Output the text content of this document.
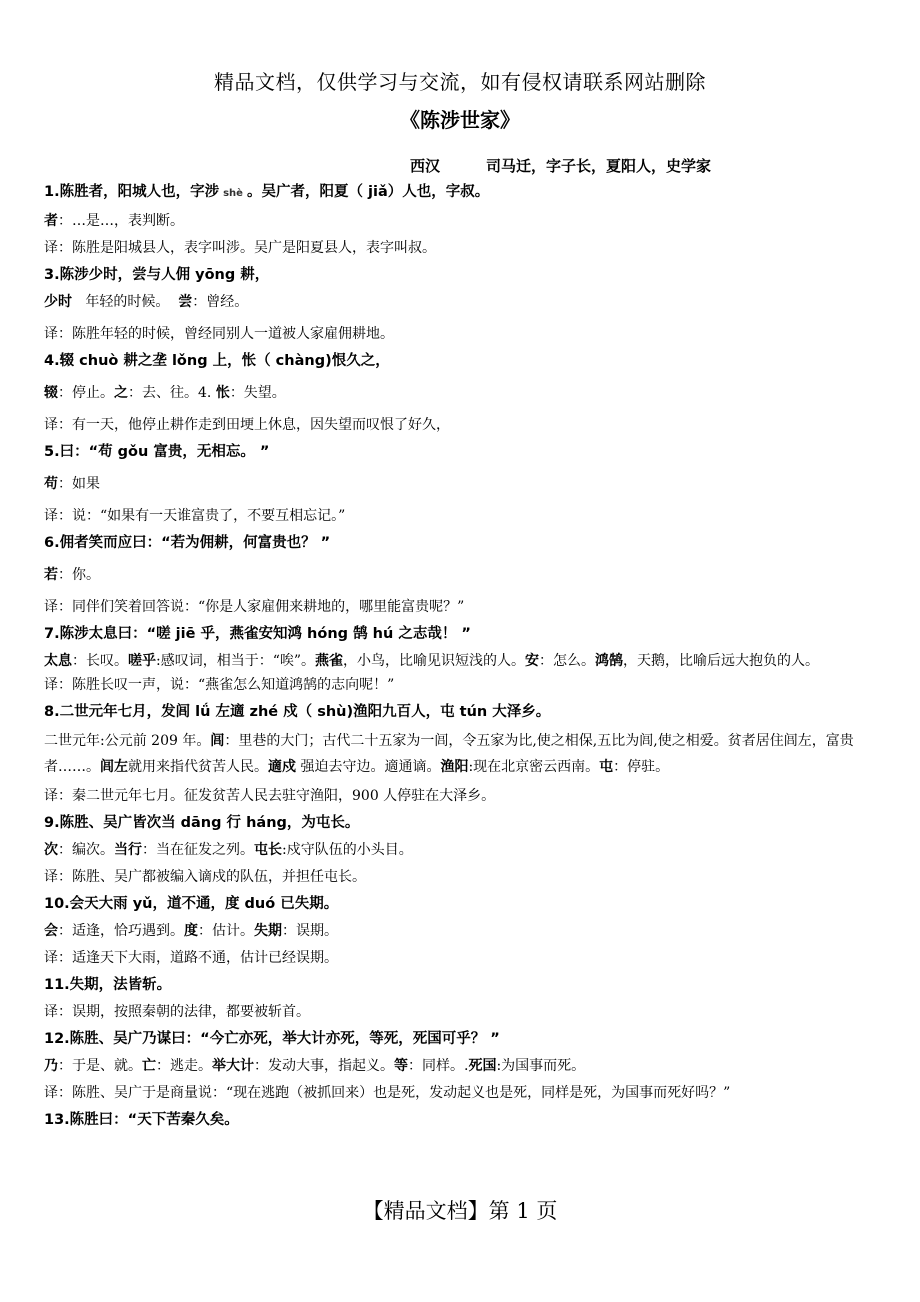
精品文档，仅供学习与交流，如有侵权请联系网站删除
《陈涉世家》
西汉	司马迁，字子长，夏阳人，史学家

1.陈胜者，阳城人也，字涉 shè 。吴广者，阳夏（ jiǎ）人也，字叔。

者：…是…，表判断。

译：陈胜是阳城县人，表字叫涉。吴广是阳夏县人，表字叫叔。

3.陈涉少时，尝与人佣 yōng 耕，

少时   年轻的时候。  尝：曾经。

译：陈胜年轻的时候，曾经同别人一道被人家雇佣耕地。

4.辍 chuò 耕之垄 lǒng 上，怅（ chàng)恨久之，

辍：停止。之：去、往。4. 怅：失望。

译：有一天，他停止耕作走到田埂上休息，因失望而叹恨了好久，

5.曰：“苟 gǒu 富贵，无相忘。 ”

苟：如果

译：说：“如果有一天谁富贵了，不要互相忘记。”

6.佣者笑而应曰：“若为佣耕，何富贵也？ ”

若：你。

译：同伴们笑着回答说：“你是人家雇佣来耕地的，哪里能富贵呢？”

7.陈涉太息曰：“嗟 jiē 乎，燕雀安知鸿 hóng 鹄 hú 之志哉！ ”

太息：长叹。嗟乎:感叹词，相当于：“唉”。燕雀，小鸟，比喻见识短浅的人。安：怎么。鸿鹄，天鹅，比喻后远大抱负的人。

译：陈胜长叹一声，说：“燕雀怎么知道鸿鹄的志向呢！”

8.二世元年七月，发闾 lǘ 左適 zhé 戍（ shù)渔阳九百人，屯 tún 大泽乡。

二世元年:公元前 209 年。闾：里巷的大门；古代二十五家为一闾，令五家为比,使之相保,五比为闾,使之相爱。贫者居住闾左，富贵者……。闾左就用来指代贫苦人民。適戍 强迫去守边。適通谪。渔阳:现在北京密云西南。屯：停驻。

译：秦二世元年七月。征发贫苦人民去驻守渔阳，900 人停驻在大泽乡。

9.陈胜、吴广皆次当 dāng 行 háng，为屯长。

次：编次。当行：当在征发之列。屯长:戍守队伍的小头目。

译：陈胜、吴广都被编入谪戍的队伍，并担任屯长。

10.会天大雨 yǔ，道不通，度 duó 已失期。

会：适逢，恰巧遇到。度：估计。失期：误期。

译：适逢天下大雨，道路不通，估计已经误期。

11.失期，法皆斩。

译：误期，按照秦朝的法律，都要被斩首。

12.陈胜、吴广乃谋曰：“今亡亦死，举大计亦死，等死，死国可乎？ ”

乃：于是、就。亡：逃走。举大计：发动大事，指起义。等：同样。.死国:为国事而死。

译：陈胜、吴广于是商量说：“现在逃跑（被抓回来）也是死，发动起义也是死，同样是死，为国事而死好吗？”

13.陈胜曰：“天下苦秦久矣。

【精品文档】第 1 页
